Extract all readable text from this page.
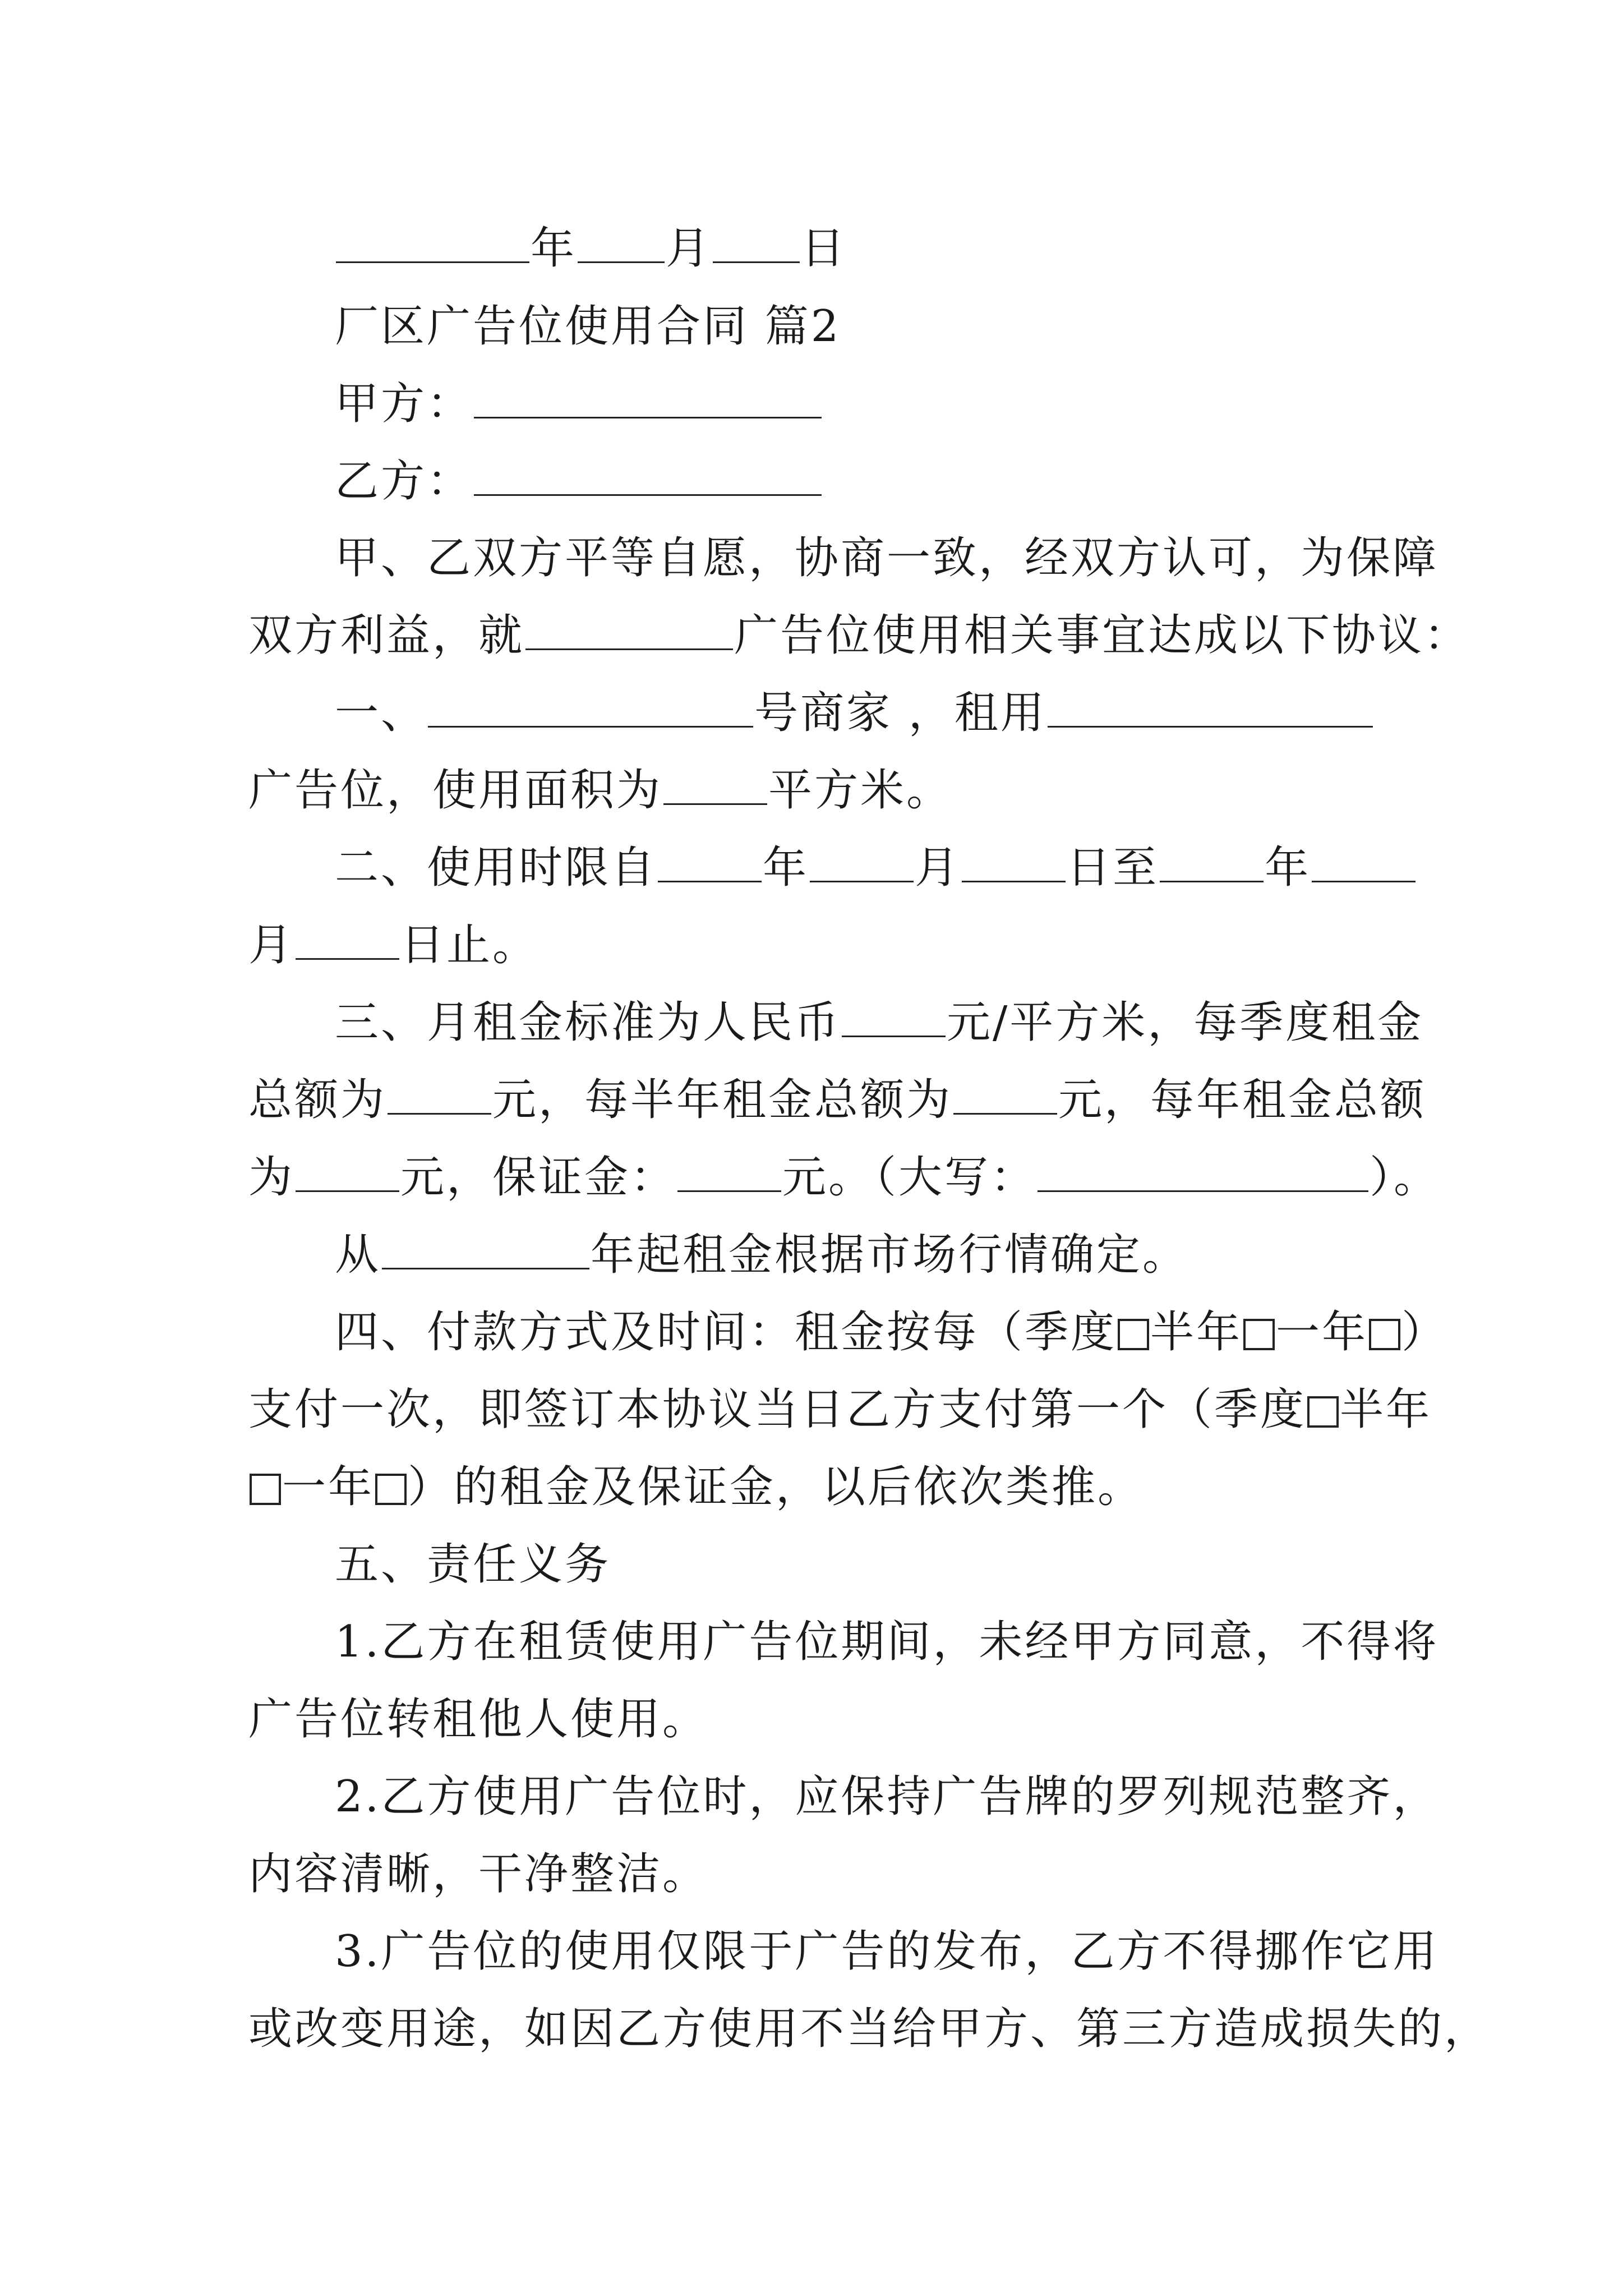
年 月 日
厂区广告位使用合同 篇2
甲方：
乙方：
甲、乙双方平等自愿，协商一致，经双方认可，为保障
双方利益，就	广告位使用相关事宜达成以下协议：
一、	号商家 ，租用
广告位，使用面积为 平方米。
二、使用时限自 年 月 日至 年
月 日止。
三、月租金标准为人民币 元/平方米，每季度租金
总额为 元，每半年租金总额为 元，每年租金总额
为 元，保证金： 元。（大写：	）。
从	年起租金根据市场行情确定。
四、付款方式及时间：租金按每（季度 半年 一年 ）
支付一次，即签订本协议当日乙方支付第一个（季度 半年
一年 ）的租金及保证金，以后依次类推。
五、责任义务
1.乙方在租赁使用广告位期间，未经甲方同意，不得将
广告位转租他人使用。
2.乙方使用广告位时，应保持广告牌的罗列规范整齐，
内容清晰，干净整洁。
3.广告位的使用仅限于广告的发布，乙方不得挪作它用
或改变用途，如因乙方使用不当给甲方、第三方造成损失的，
